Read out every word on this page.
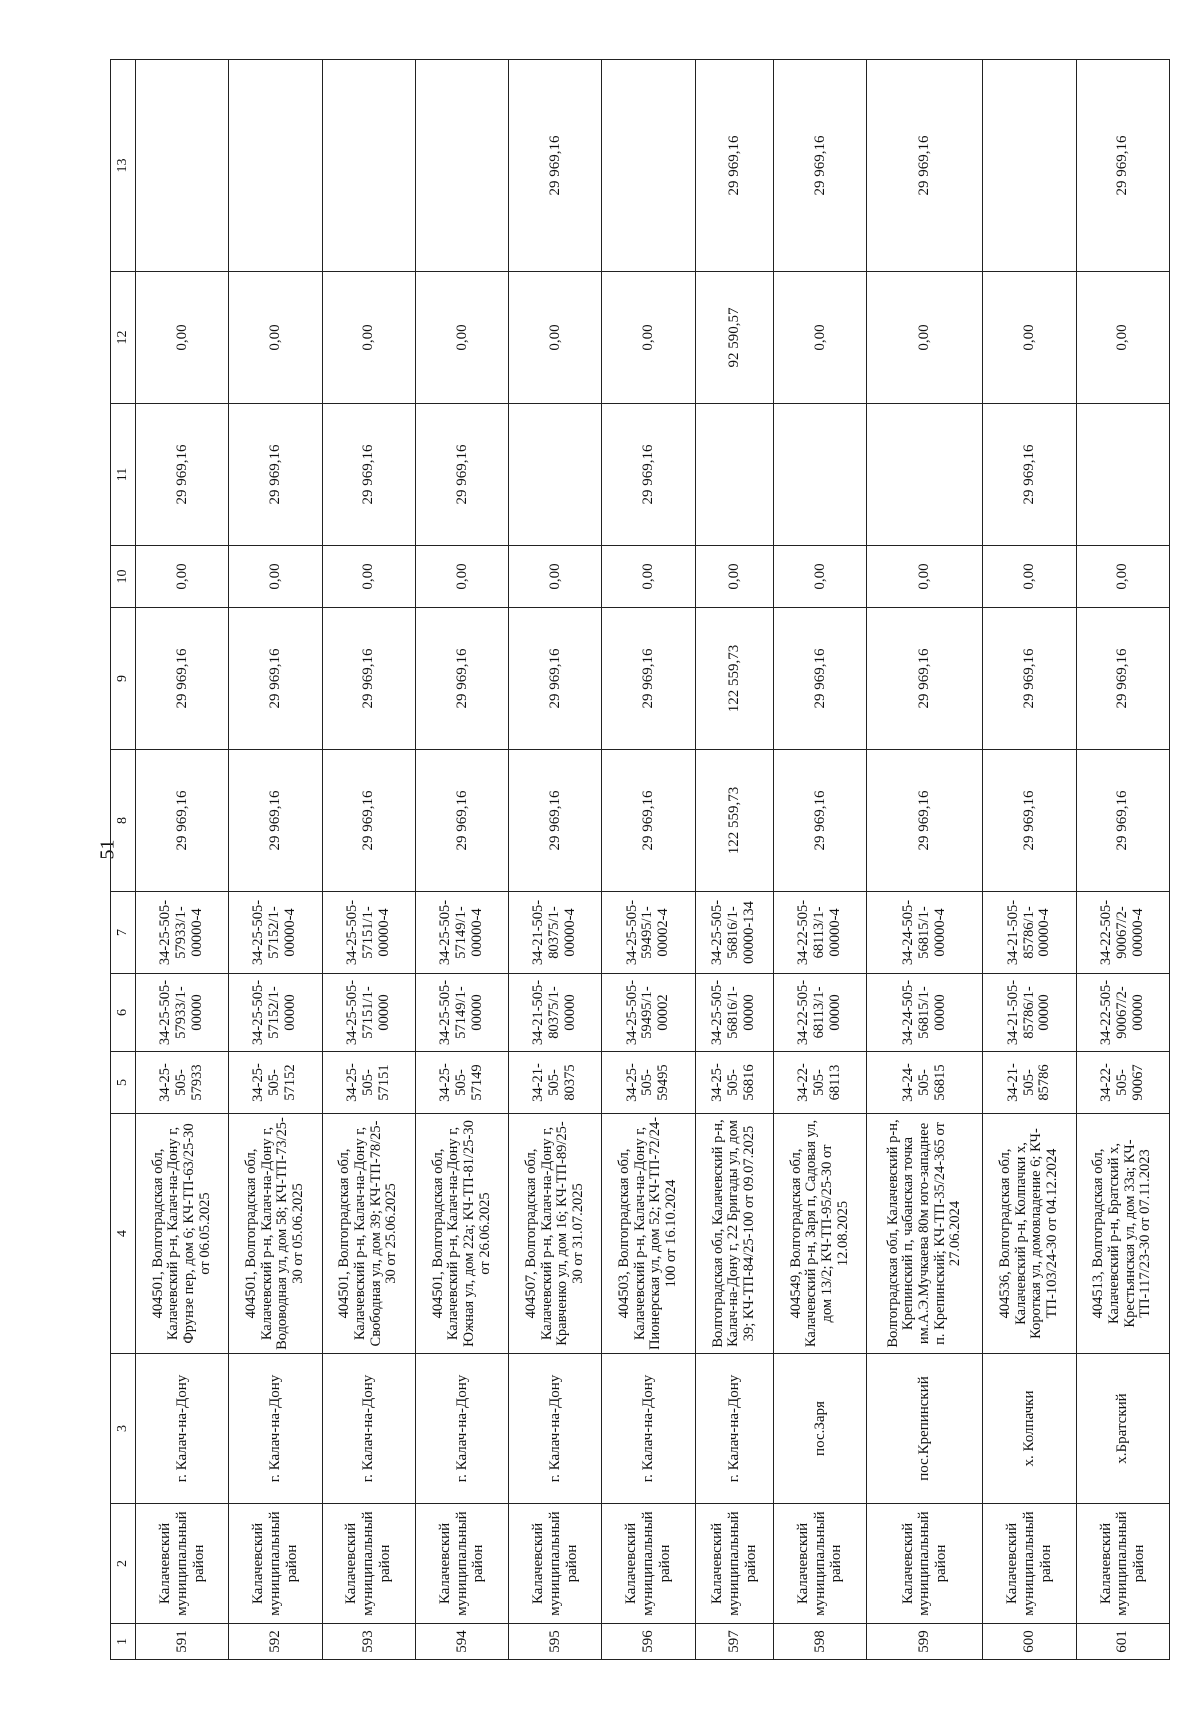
51
1	2	3	4	5	6	7	8	9	10	11	12	13
591	Калачевский муниципальный район	г. Калач-на-Дону	404501, Волгоградская обл, Калачевский р-н, Калач-на-Дону г, Фрунзе пер, дом 6; КЧ-ТП-63/25-30 от 06.05.2025	34-25-505-57933	34-25-505-57933/1-00000	34-25-505-57933/1-00000-4	29 969,16	29 969,16	0,00	29 969,16	0,00	
592	Калачевский муниципальный район	г. Калач-на-Дону	404501, Волгоградская обл, Калачевский р-н, Калач-на-Дону г, Водоводная ул, дом 58; КЧ-ТП-73/25-30 от 05.06.2025	34-25-505-57152	34-25-505-57152/1-00000	34-25-505-57152/1-00000-4	29 969,16	29 969,16	0,00	29 969,16	0,00	
593	Калачевский муниципальный район	г. Калач-на-Дону	404501, Волгоградская обл, Калачевский р-н, Калач-на-Дону г, Свободная ул, дом 39; КЧ-ТП-78/25-30 от 25.06.2025	34-25-505-57151	34-25-505-57151/1-00000	34-25-505-57151/1-00000-4	29 969,16	29 969,16	0,00	29 969,16	0,00	
594	Калачевский муниципальный район	г. Калач-на-Дону	404501, Волгоградская обл, Калачевский р-н, Калач-на-Дону г, Южная ул, дом 22а; КЧ-ТП-81/25-30 от 26.06.2025	34-25-505-57149	34-25-505-57149/1-00000	34-25-505-57149/1-00000-4	29 969,16	29 969,16	0,00	29 969,16	0,00	
595	Калачевский муниципальный район	г. Калач-на-Дону	404507, Волгоградская обл, Калачевский р-н, Калач-на-Дону г, Кравченко ул, дом 16; КЧ-ТП-89/25-30 от 31.07.2025	34-21-505-80375	34-21-505-80375/1-00000	34-21-505-80375/1-00000-4	29 969,16	29 969,16	0,00		0,00	29 969,16
596	Калачевский муниципальный район	г. Калач-на-Дону	404503, Волгоградская обл, Калачевский р-н, Калач-на-Дону г, Пионерская ул, дом 52; КЧ-ТП-72/24-100 от 16.10.2024	34-25-505-59495	34-25-505-59495/1-00002	34-25-505-59495/1-00002-4	29 969,16	29 969,16	0,00	29 969,16	0,00	
597	Калачевский муниципальный район	г. Калач-на-Дону	Волгоградская обл, Калачевский р-н, Калач-на-Дону г, 22 Бригады ул, дом 39; КЧ-ТП-84/25-100 от 09.07.2025	34-25-505-56816	34-25-505-56816/1-00000	34-25-505-56816/1-00000-134	122 559,73	122 559,73	0,00		92 590,57	29 969,16
598	Калачевский муниципальный район	пос.Заря	404549, Волгоградская обл, Калачевский р-н, Заря п, Садовая ул, дом 13/2; КЧ-ТП-95/25-30 от 12.08.2025	34-22-505-68113	34-22-505-68113/1-00000	34-22-505-68113/1-00000-4	29 969,16	29 969,16	0,00		0,00	29 969,16
599	Калачевский муниципальный район	пос.Крепинский	Волгоградская обл, Калачевский р-н, Крепинский п, чабанская точка им.А.Э.Мучкаева 80м юго-западнее п. Крепинский; КЧ-ТП-35/24-365 от 27.06.2024	34-24-505-56815	34-24-505-56815/1-00000	34-24-505-56815/1-00000-4	29 969,16	29 969,16	0,00		0,00	29 969,16
600	Калачевский муниципальный район	х. Колпачки	404536, Волгоградская обл, Калачевский р-н, Колпачки х, Короткая ул, домовладение 6; КЧ-ТП-103/24-30 от 04.12.2024	34-21-505-85786	34-21-505-85786/1-00000	34-21-505-85786/1-00000-4	29 969,16	29 969,16	0,00	29 969,16	0,00	
601	Калачевский муниципальный район	х.Братский	404513, Волгоградская обл, Калачевский р-н, Братский х, Крестьянская ул, дом 33а; КЧ-ТП-117/23-30 от 07.11.2023	34-22-505-90067	34-22-505-90067/2-00000	34-22-505-90067/2-00000-4	29 969,16	29 969,16	0,00		0,00	29 969,16
